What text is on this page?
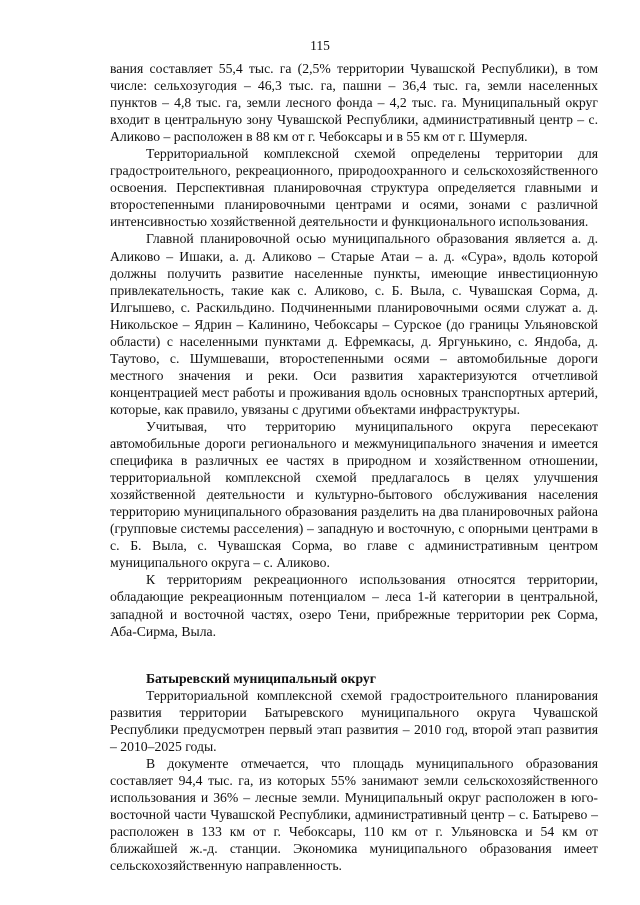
115

вания составляет 55,4 тыс. га (2,5% территории Чувашской Республики), в том числе: сельхозугодия – 46,3 тыс. га, пашни – 36,4 тыс. га, земли населенных пунктов – 4,8 тыс. га, земли лесного фонда – 4,2 тыс. га. Муниципальный округ входит в центральную зону Чувашской Республики, административный центр – с. Аликово – расположен в 88 км от г. Чебоксары и в 55 км от г. Шумерля.

Территориальной комплексной схемой определены территории для градостроительного, рекреационного, природоохранного и сельскохозяйственного освоения. Перспективная планировочная структура определяется главными и второстепенными планировочными центрами и осями, зонами с различной интенсивностью хозяйственной деятельности и функционального использования.

Главной планировочной осью муниципального образования является а. д. Аликово – Ишаки, а. д. Аликово – Старые Атаи – а. д. «Сура», вдоль которой должны получить развитие населенные пункты, имеющие инвестиционную привлекательность, такие как с. Аликово, с. Б. Выла, с. Чувашская Сорма, д. Илгышево, с. Раскильдино. Подчиненными планировочными осями служат а. д. Никольское – Ядрин – Калинино, Чебоксары – Сурское (до границы Ульяновской области) с населенными пунктами д. Ефремкасы, д. Яргунькино, с. Яндоба, д. Таутово, с. Шумшеваши, второстепенными осями – автомобильные дороги местного значения и реки. Оси развития характеризуются отчетливой концентрацией мест работы и проживания вдоль основных транспортных артерий, которые, как правило, увязаны с другими объектами инфраструктуры.

Учитывая, что территорию муниципального округа пересекают автомобильные дороги регионального и межмуниципального значения и имеется специфика в различных ее частях в природном и хозяйственном отношении, территориальной комплексной схемой предлагалось в целях улучшения хозяйственной деятельности и культурно-бытового обслуживания населения территорию муниципального образования разделить на два планировочных района (групповые системы расселения) – западную и восточную, с опорными центрами в с. Б. Выла, с. Чувашская Сорма, во главе с административным центром муниципального округа – с. Аликово.

К территориям рекреационного использования относятся территории, обладающие рекреационным потенциалом – леса 1-й категории в центральной, западной и восточной частях, озеро Тени, прибрежные территории рек Сорма, Аба-Сирма, Выла.

Батыревский муниципальный округ

Территориальной комплексной схемой градостроительного планирования развития территории Батыревского муниципального округа Чувашской Республики предусмотрен первый этап развития – 2010 год, второй этап развития – 2010–2025 годы.

В документе отмечается, что площадь муниципального образования составляет 94,4 тыс. га, из которых 55% занимают земли сельскохозяйственного использования и 36% – лесные земли. Муниципальный округ расположен в юго-восточной части Чувашской Республики, административный центр – с. Батырево – расположен в 133 км от г. Чебоксары, 110 км от г. Ульяновска и 54 км от ближайшей ж.-д. станции. Экономика муниципального образования имеет сельскохозяйственную направленность.
